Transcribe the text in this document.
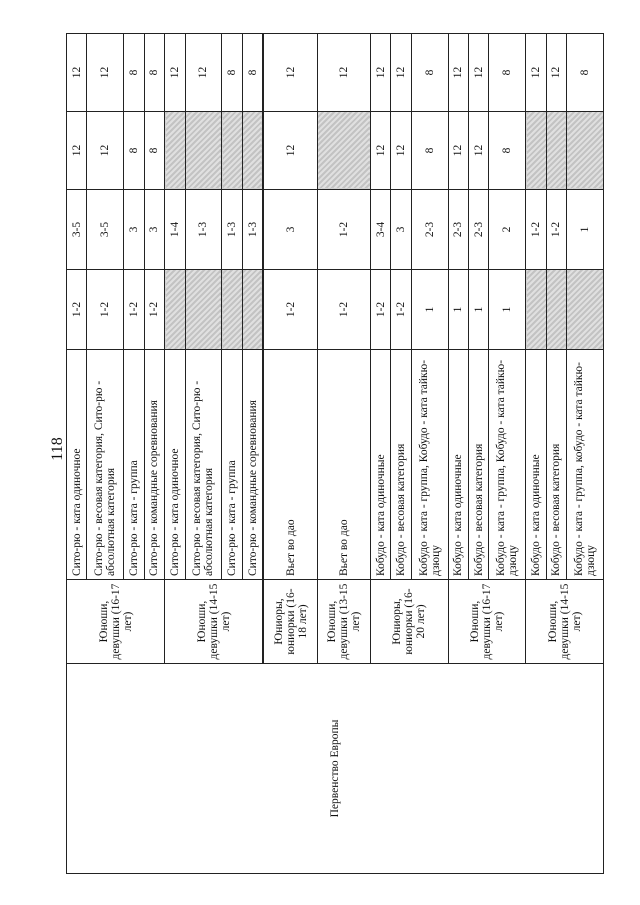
118
Первенство Европы	Юноши, девушки (16-17 лет)	Сито-рю - ката одиночное	1-2	3-5	12	12
		Сито-рю - весовая категория, Сито-рю - абсолютная категория	1-2	3-5	12	12
		Сито-рю - ката - группа	1-2	3	8	8
		Сито-рю - командные соревнования	1-2	3	8	8
	Юноши, девушки (14-15 лет)	Сито-рю - ката одиночное		1-4		12
		Сито-рю - весовая категория, Сито-рю - абсолютная категория		1-3		12
		Сито-рю - ката - группа		1-3		8
		Сито-рю - командные соревнования		1-3		8
	Юниоры, юниорки (16-18 лет)	Вьет во дао	1-2	3	12	12
	Юноши, девушки (13-15 лет)	Вьет во дао	1-2	1-2		12
	Юниоры, юниорки (16-20 лет)	Кобудо - ката одиночные	1-2	3-4	12	12
		Кобудо - весовая категория	1-2	3	12	12
		Кобудо - ката - группа, Кобудо - ката тайкю-дзюцу	1	2-3	8	8
	Юноши, девушки (16-17 лет)	Кобудо - ката одиночные	1	2-3	12	12
		Кобудо - весовая категория	1	2-3	12	12
		Кобудо - ката - группа, Кобудо - ката тайкю-дзюцу	1	2	8	8
	Юноши, девушки (14-15 лет)	Кобудо - ката одиночные		1-2		12
		Кобудо - весовая категория		1-2		12
		Кобудо - ката - группа, кобудо - ката тайкю-дзюцу		1		8
